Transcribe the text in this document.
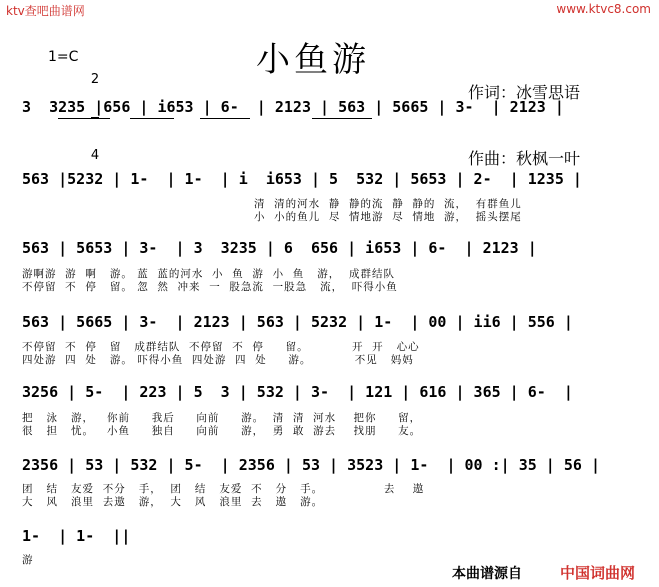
ktv查吧曲谱网	www.ktvc8.com
1=C

2

4

小鱼游

作词：冰雪思语

作曲：秋枫一叶

3  3235 |656 | i653 | 6-  | 2123 | 563 | 5665 | 3-  | 2123 |
563 |5232 | 1-  | 1-  | i  i653 | 5  532 | 5653 | 2-  | 1235 |
清  清的河水  静  静的流  静  静的  流，  有群鱼儿
小  小的鱼儿  尽  情地游  尽  情地  游，  摇头摆尾
563 | 5653 | 3-  | 3  3235 | 6  656 | i653 | 6-  | 2123 |
游啊游  游  啊   游。 蓝  蓝的河水  小  鱼  游  小  鱼   游，  成群结队
不停留  不  停   留。 忽  然  冲来  一  股急流  一股急   流，  吓得小鱼
563 | 5665 | 3-  | 2123 | 563 | 5232 | 1-  | 00 | ii6 | 556 |
不停留  不  停   留   成群结队  不停留  不  停     留。          开  开   心心
四处游  四  处   游。 吓得小鱼  四处游  四  处     游。          不见   妈妈
3256 | 5-  | 223 | 5  3 | 532 | 3-  | 121 | 616 | 365 | 6-  |
把   泳   游，   你前     我后     向前     游。  清  清  河水    把你     留，
很   担   忧。   小鱼     独自     向前     游，  勇  敢  游去    找朋     友。
2356 | 53 | 532 | 5-  | 2356 | 53 | 3523 | 1-  | 00 :| 35 | 56 |
团   结   友爱  不分   手，  团   结   友爱  不   分   手。              去    遨
大   风   浪里  去遨   游，  大   风   浪里  去   遨   游。
1-  | 1-  ||
游
本曲谱源自	中国词曲网
